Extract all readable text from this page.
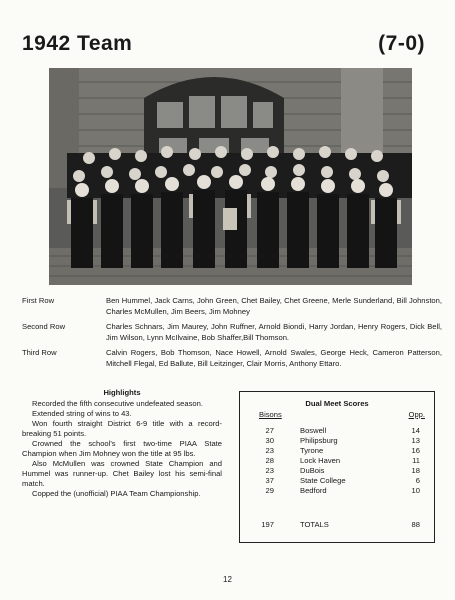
1942 Team	(7-0)
First Row	Ben Hummel, Jack Carns, John Green, Chet Bailey, Chet Greene, Merle Sunderland, Bill Johnston, Charles McMullen, Jim Beers, Jim Mohney
Second Row	Charles Schnars, Jim Maurey, John Ruffner, Arnold Biondi, Harry Jordan, Henry Rogers, Dick Bell, Jim Wilson, Lynn McIlvaine, Bob Shaffer,Bill Thomson.
Third Row	Calvin Rogers, Bob Thomson, Nace Howell, Arnold Swales, George Heck, Cameron Patterson, Mitchell Flegal, Ed Ballute, Bill Leitzinger, Clair Morris, Anthony Ettaro.
Highlights

Recorded the fifth consecutive undefeated season.

Extended string of wins to 43.

Won fourth straight District 6-9 title with a record-breaking 51 points.

Crowned the school's first two-time PIAA State Champion when Jim Mohney won the title at 95 lbs.

Also McMullen was crowned State Champion and Hummel was runner-up. Chet Bailey lost his semi-final match.

Copped the (unofficial) PIAA Team Championship.

Dual Meet Scores
Bisons	Opp.
27	Boswell	14
30	Philipsburg	13
23	Tyrone	16
28	Lock Haven	11
23	DuBois	18
37	State College	6
29	Bedford	10
197	TOTALS	88
12
